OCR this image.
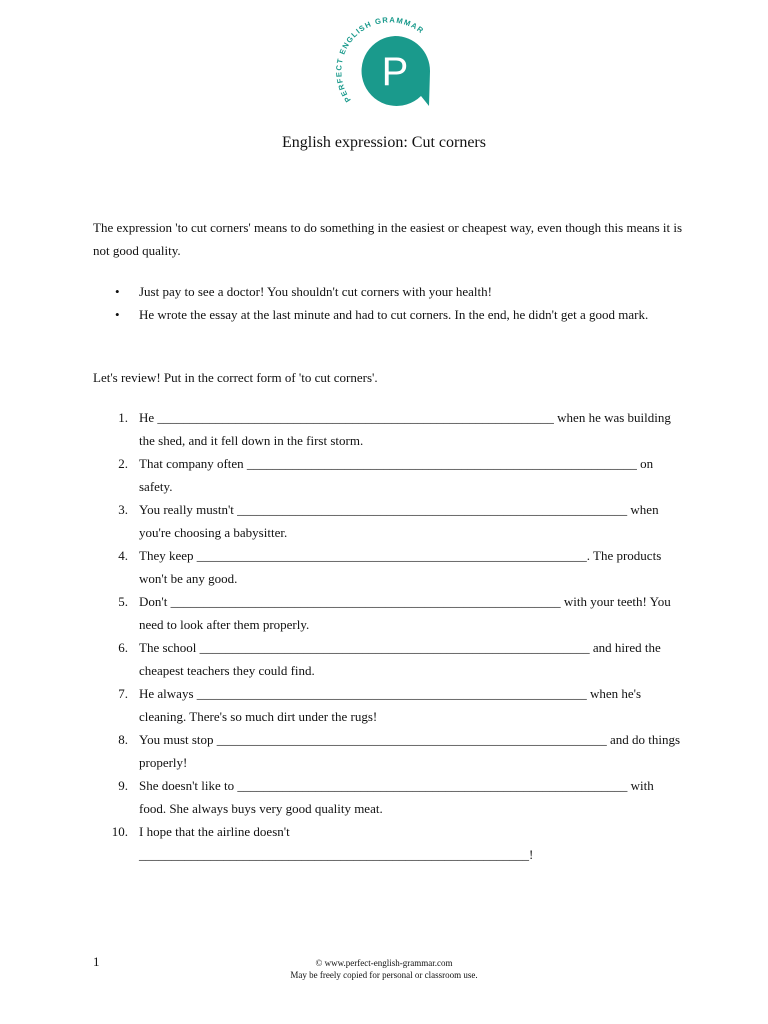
PERFECT ENGLISH GRAMMAR
P
English expression: Cut corners
The expression 'to cut corners' means to do something in the easiest or cheapest way, even though this means it is not good quality.
• Just pay to see a doctor! You shouldn't cut corners with your health!
• He wrote the essay at the last minute and had to cut corners. In the end, he didn't get a good mark.
Let's review! Put in the correct form of 'to cut corners'.
1. He _____________________________________________________________ when he was building the shed, and it fell down in the first storm.
2. That company often ____________________________________________________________ on safety.
3. You really mustn't ____________________________________________________________ when you're choosing a babysitter.
4. They keep ____________________________________________________________. The products won't be any good.
5. Don't ____________________________________________________________ with your teeth! You need to look after them properly.
6. The school ____________________________________________________________ and hired the cheapest teachers they could find.
7. He always ____________________________________________________________ when he's cleaning. There's so much dirt under the rugs!
8. You must stop ____________________________________________________________ and do things properly!
9. She doesn't like to ____________________________________________________________ with food. She always buys very good quality meat.
10. I hope that the airline doesn't ____________________________________________________________!
1	© www.perfect-english-grammar.com
May be freely copied for personal or classroom use.
